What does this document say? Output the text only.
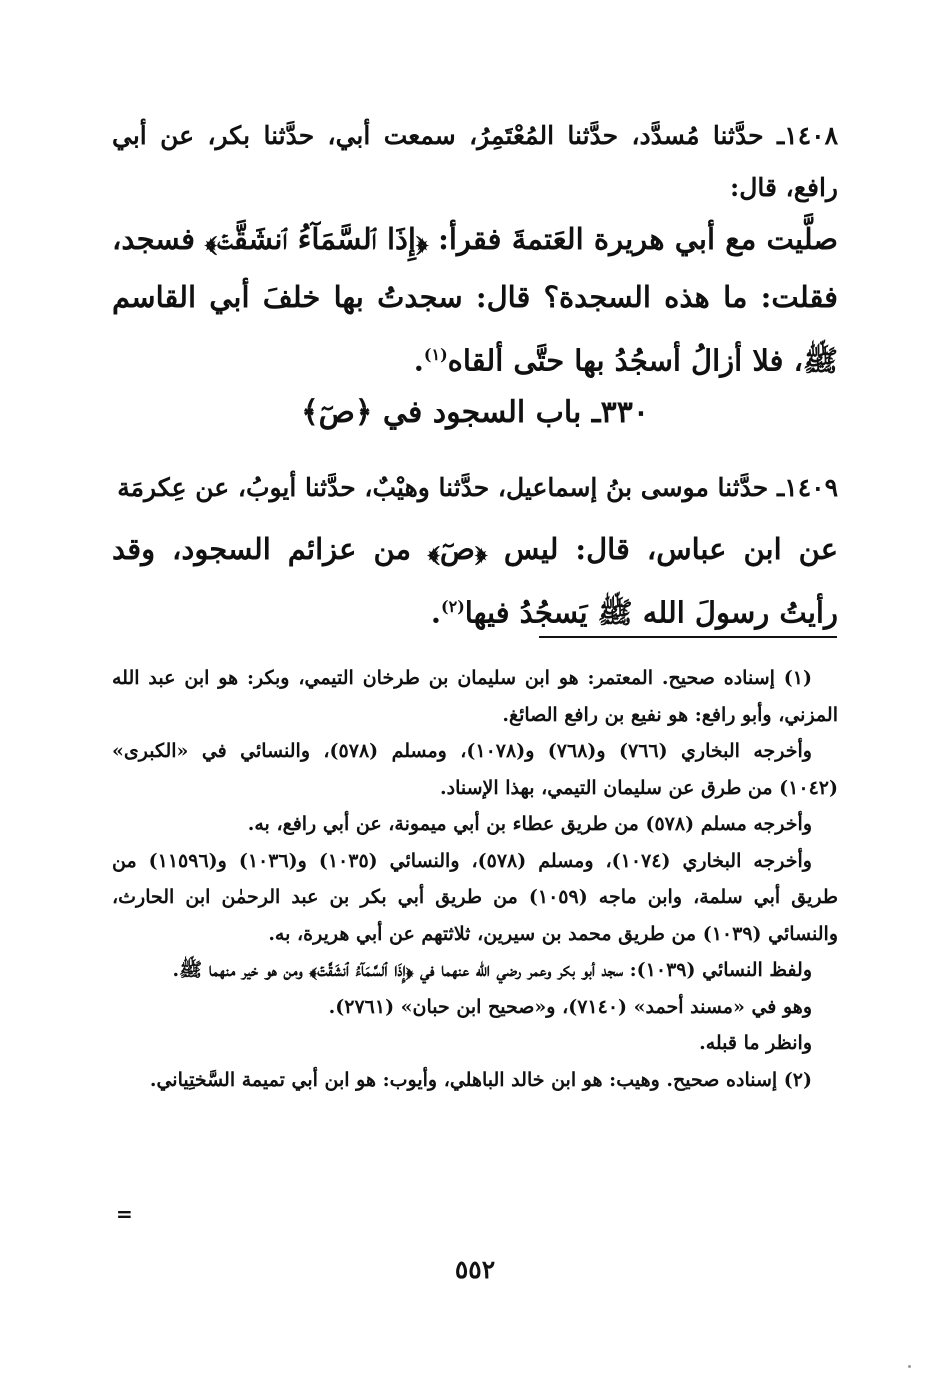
١٤٠٨ـ حدَّثنا مُسدَّد، حدَّثنا المُعْتَمِرُ، سمعت أبي، حدَّثنا بكر، عن أبي رافع، قال:
صلَّيت مع أبي هريرة العَتمةَ فقرأ: ﴿إِذَا ٱلسَّمَآءُ ٱنشَقَّتۡ﴾ فسجد، فقلت: ما هذه السجدة؟ قال: سجدتُ بها خلفَ أبي القاسم ﷺ، فلا أزالُ أسجُدُ بها حتَّى ألقاه$^{(١)}$.
٣٣٠ـ باب السجود في ﴿صٓ﴾
١٤٠٩ـ حدَّثنا موسى بنُ إسماعيل، حدَّثنا وهيْبٌ، حدَّثنا أيوبُ، عن عِكرمَة
عن ابن عباس، قال: ليس ﴿صٓ﴾ من عزائم السجود، وقد رأيتُ رسولَ الله ﷺ يَسجُدُ فيها$^{(٢)}$.

(١) إسناده صحيح. المعتمر: هو ابن سليمان بن طرخان التيمي، وبكر: هو ابن عبد الله المزني، وأبو رافع: هو نفيع بن رافع الصائغ.

وأخرجه البخاري (٧٦٦) و(٧٦٨) و(١٠٧٨)، ومسلم (٥٧٨)، والنسائي في «الكبرى» (١٠٤٢) من طرق عن سليمان التيمي، بهذا الإسناد.

وأخرجه مسلم (٥٧٨) من طريق عطاء بن أبي ميمونة، عن أبي رافع، به.

وأخرجه البخاري (١٠٧٤)، ومسلم (٥٧٨)، والنسائي (١٠٣٥) و(١٠٣٦) و(١١٥٩٦) من طريق أبي سلمة، وابن ماجه (١٠٥٩) من طريق أبي بكر بن عبد الرحمٰن ابن الحارث، والنسائي (١٠٣٩) من طريق محمد بن سيرين، ثلاثتهم عن أبي هريرة، به.

ولفظ النسائي (١٠٣٩): سجد أبو بكر وعمر رضي الله عنهما في ﴿إِذَا ٱلسَّمَآءُ ٱنشَقَّتۡ﴾ ومن هو خير منهما ﷺ.

وهو في «مسند أحمد» (٧١٤٠)، و«صحيح ابن حبان» (٢٧٦١).

وانظر ما قبله.

(٢) إسناده صحيح. وهيب: هو ابن خالد الباهلي، وأيوب: هو ابن أبي تميمة السَّختِياني.

=
٥٥٢
